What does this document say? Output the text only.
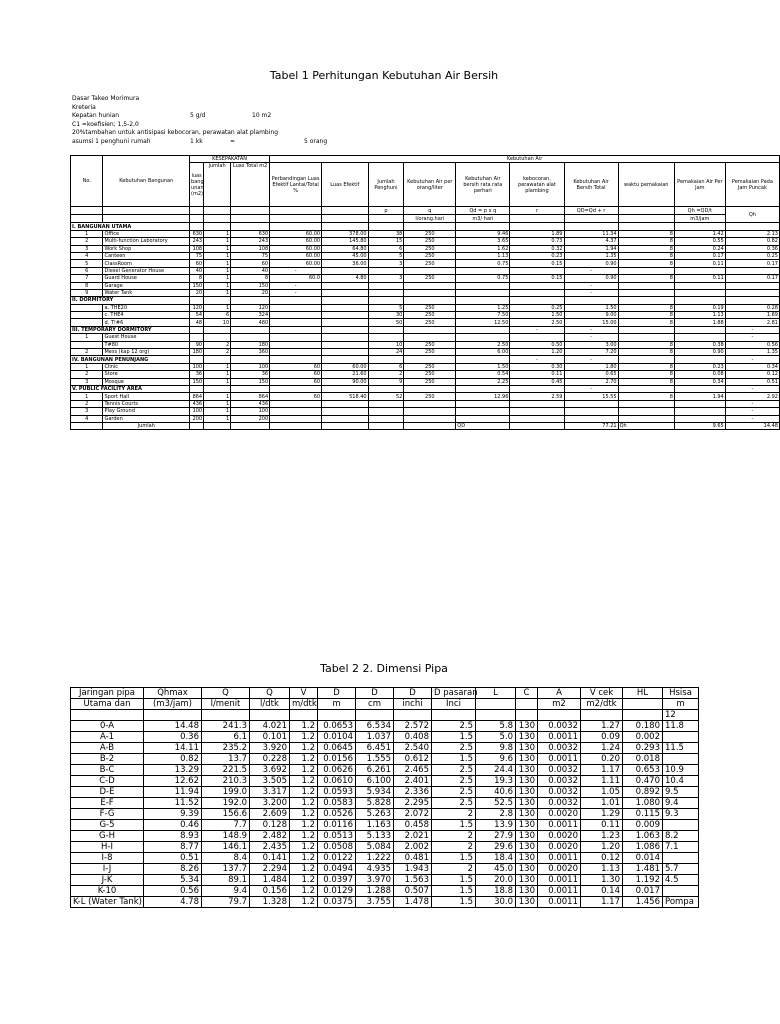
Tabel 1 Perhitungan Kebutuhan Air Bersih
Dasar Takeo Morimura
Kreteria
Kepatan hunian	5 g/d	10 m2
C1 =koefisien; 1,5-2,0
20%tambahan untuk antisipasi kebocoran, perawatan alat plambing
asumsi 1 penghuni rumah	1 kk	=	5 orang
No.	Kebutuhan Bangunan	KESEPAKATAN			Kebutuhan Air									
		luas bang unan (m2)	jumlah	Luas Total m2	Perbandingan Luas Efektif Lantai/Total %	Luas Efektif	Jumlah Penghuni	Kebutuhan Air per orang/liter	Kebutuhan Air bersih rata rata perhari	kebocoran, perawatan alat plambing	Kebutuhan Air Bersih Total	waktu pemakaian	Pemakaian Air Per Jam	Pemakaian Pada Jam Puncak
							p	q	Qd = p x q	r	QD=Qd + r		Qh =QD/t	Qh
								l/orang.hari	m3/ hari				m3/jam	
I. BANGUNAN UTAMA														
1	Office	630	1	630	60.00	378.00	38	250	9.46	1.89	11.34	8	1.42	2.13
2	Multi-function Laboratory	243	1	243	60.00	145.80	15	250	3.65	0.73	4.37	8	0.55	0.82
3	Work Shop	108	1	108	60.00	64.80	6	250	1.62	0.32	1.94	8	0.24	0.36
4	Canteen	75	1	75	60.00	45.00	5	250	1.13	0.23	1.35	8	0.17	0.25
5	ClassRoom	60	1	60	60.00	36.00	3	250	0.75	0.15	0.90	8	0.11	0.17
6	Diesel Generator House	40	1	40	-						-			
7	Guard House	8	1	8	60.0	4.80	3	250	0.75	0.15	0.90	8	0.11	0.17
8	Garage	150	1	150	-						-			
9	Water Tank	20	1	20	-						-			
II. DORMITORY														
	a. THE20	120	1	120			5	250	1.25	0.25	1.50	8	0.19	0.28
	c. THE4	54	6	324			30	250	7.50	1.50	9.00	8	1.13	1.69
	d. T!#6	48	10	480			50	250	12.50	2.50	15.00	8	1.88	2.81
III. TEMPORARY DORMITORY										-	-			-
1	Guest House										-			-
	T#80	90	2	180			10	250	2.50	0.50	3.00	8	0.38	0.56
2	Mess (kap 12 org)	180	2	360			24	250	6.00	1.20	7.20	8	0.90	1.35
IV. BANGUNAN PENUNJANG										-	-			-
1	Clinic	100	1	100	60	60.00	6	250	1.50	0.30	1.80	8	0.23	0.34
2	Store	36	1	36	60	21.60	2	250	0.54	0.11	0.65	8	0.08	0.12
3	Mosque	150	1	150	60	90.00	9	250	2.25	0.45	2.70	8	0.34	0.51
V. PUBLIC FACILITY AREA											-			-
1	Sport Hall	864	1	864	60	518.40	52	250	12.96	2.59	15.55	8	1.94	2.92
2	Tennis Courts	436	1	436										-
3	Play Ground	100	1	100										-
4	Garden	200	1	200										-
	Jumlah								QD		77.21	Qh	9.65	14.48
Tabel 2 2. Dimensi Pipa
Jaringan pipa	Qhmax	Q	Q	V	D	D	D	D pasaran	L	C	A	V cek	HL	Hsisa
Utama dan	(m3/jam)	l/menit	l/dtk	m/dtk	m	cm	inchi	Inci			m2	m2/dtk		m
														12
0-A	14.48	241.3	4.021	1.2	0.0653	6.534	2.572	2.5	5.8	130	0.0032	1.27	0.180	11.8
A-1	0.36	6.1	0.101	1.2	0.0104	1.037	0.408	1.5	5.0	130	0.0011	0.09	0.002	
A-B	14.11	235.2	3.920	1.2	0.0645	6.451	2.540	2.5	9.8	130	0.0032	1.24	0.293	11.5
B-2	0.82	13.7	0.228	1.2	0.0156	1.555	0.612	1.5	9.6	130	0.0011	0.20	0.018	
B-C	13.29	221.5	3.692	1.2	0.0626	6.261	2.465	2.5	24.4	130	0.0032	1.17	0.653	10.9
C-D	12.62	210.3	3.505	1.2	0.0610	6.100	2.401	2.5	19.3	130	0.0032	1.11	0.470	10.4
D-E	11.94	199.0	3.317	1.2	0.0593	5.934	2.336	2.5	40.6	130	0.0032	1.05	0.892	9.5
E-F	11.52	192.0	3.200	1.2	0.0583	5.828	2.295	2.5	52.5	130	0.0032	1.01	1.080	9.4
F-G	9.39	156.6	2.609	1.2	0.0526	5.263	2.072	2	2.8	130	0.0020	1.29	0.115	9.3
G-5	0.46	7.7	0.128	1.2	0.0116	1.163	0.458	1.5	13.9	130	0.0011	0.11	0.009	
G-H	8.93	148.9	2.482	1.2	0.0513	5.133	2.021	2	27.9	130	0.0020	1.23	1.063	8.2
H-I	8.77	146.1	2.435	1.2	0.0508	5.084	2.002	2	29.6	130	0.0020	1.20	1.086	7.1
I-8	0.51	8.4	0.141	1.2	0.0122	1.222	0.481	1.5	18.4	130	0.0011	0.12	0.014	
I-J	8.26	137.7	2.294	1.2	0.0494	4.935	1.943	2	45.0	130	0.0020	1.13	1.481	5.7
J-K	5.34	89.1	1.484	1.2	0.0397	3.970	1.563	1.5	20.0	130	0.0011	1.30	1.192	4.5
K-10	0.56	9.4	0.156	1.2	0.0129	1.288	0.507	1.5	18.8	130	0.0011	0.14	0.017	
K-L (Water Tank)	4.78	79.7	1.328	1.2	0.0375	3.755	1.478	1.5	30.0	130	0.0011	1.17	1.456	Pompa
